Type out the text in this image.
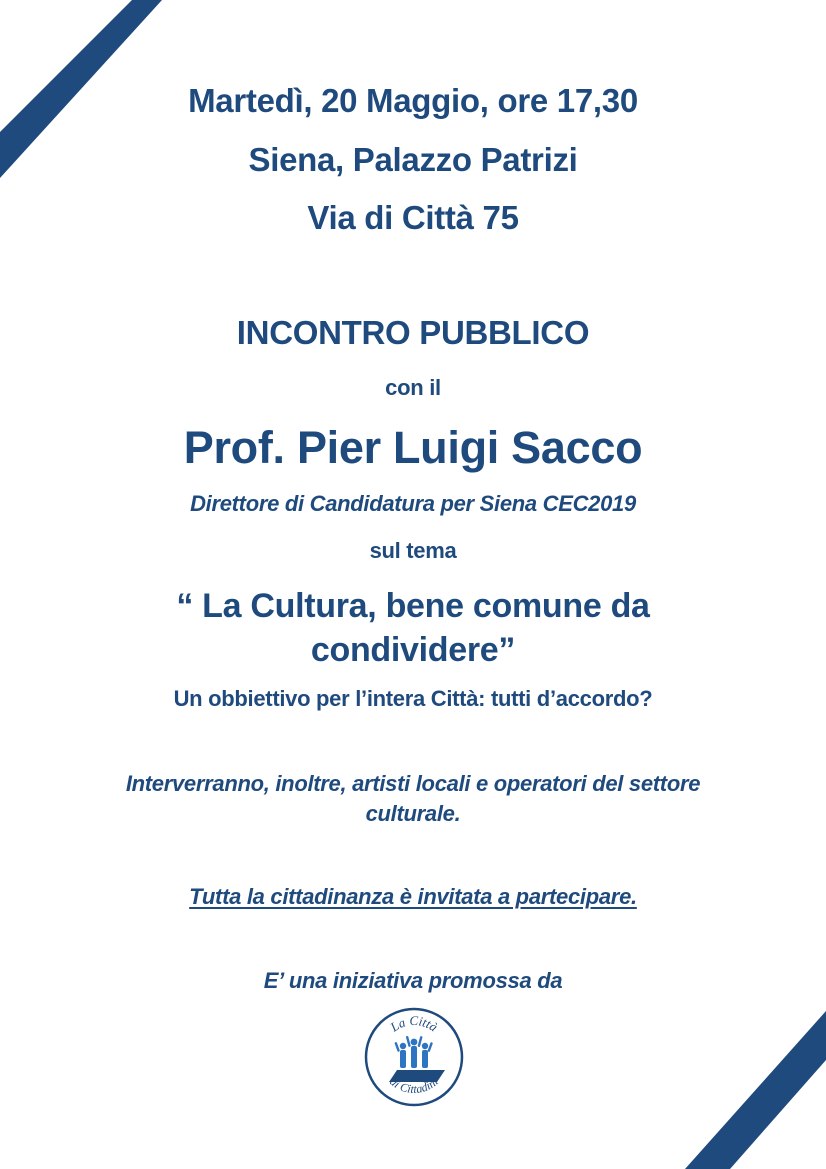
Martedì, 20 Maggio, ore 17,30
Siena, Palazzo Patrizi
Via di Città 75
INCONTRO PUBBLICO
con il
Prof. Pier Luigi Sacco
Direttore di Candidatura per Siena CEC2019
sul tema
“ La Cultura, bene comune da
condividere”
Un obbiettivo per l’intera Città: tutti d’accordo?
Interverranno, inoltre, artisti locali e operatori del settore
culturale.
Tutta la cittadinanza è invitata a partecipare.
E’ una iniziativa promossa da
La Città
ai Cittadini
